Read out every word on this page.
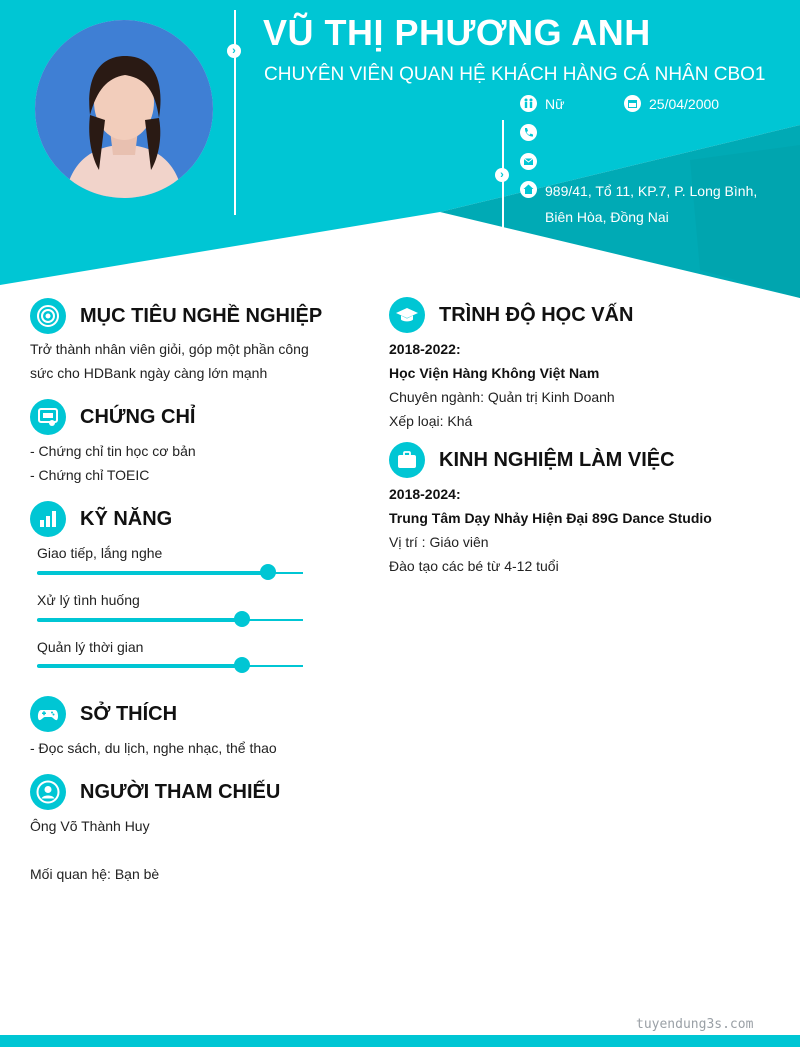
›
›
VŨ THỊ PHƯƠNG ANH
CHUYÊN VIÊN QUAN HỆ KHÁCH HÀNG CÁ NHÂN CBO1
Nữ	25/04/2000
989/41, Tổ 11, KP.7, P. Long Bình, Biên Hòa, Đồng Nai
MỤC TIÊU NGHỀ NGHIỆP
Trở thành nhân viên giỏi, góp một phần công
sức cho HDBank ngày càng lớn mạnh
CHỨNG CHỈ
- Chứng chỉ tin học cơ bản
- Chứng chỉ TOEIC
KỸ NĂNG
Giao tiếp, lắng nghe
Xử lý tình huống
Quản lý thời gian
SỞ THÍCH
- Đọc sách, du lịch, nghe nhạc, thể thao
NGƯỜI THAM CHIẾU
Ông Võ Thành Huy
Mối quan hệ: Bạn bè
TRÌNH ĐỘ HỌC VẤN
2018-2022:
Học Viện Hàng Không Việt Nam
Chuyên ngành: Quản trị Kinh Doanh
Xếp loại: Khá
KINH NGHIỆM LÀM VIỆC
2018-2024:
Trung Tâm Dạy Nhảy Hiện Đại 89G Dance Studio
Vị trí : Giáo viên
Đào tạo các bé từ 4-12 tuổi
tuyendung3s.com
